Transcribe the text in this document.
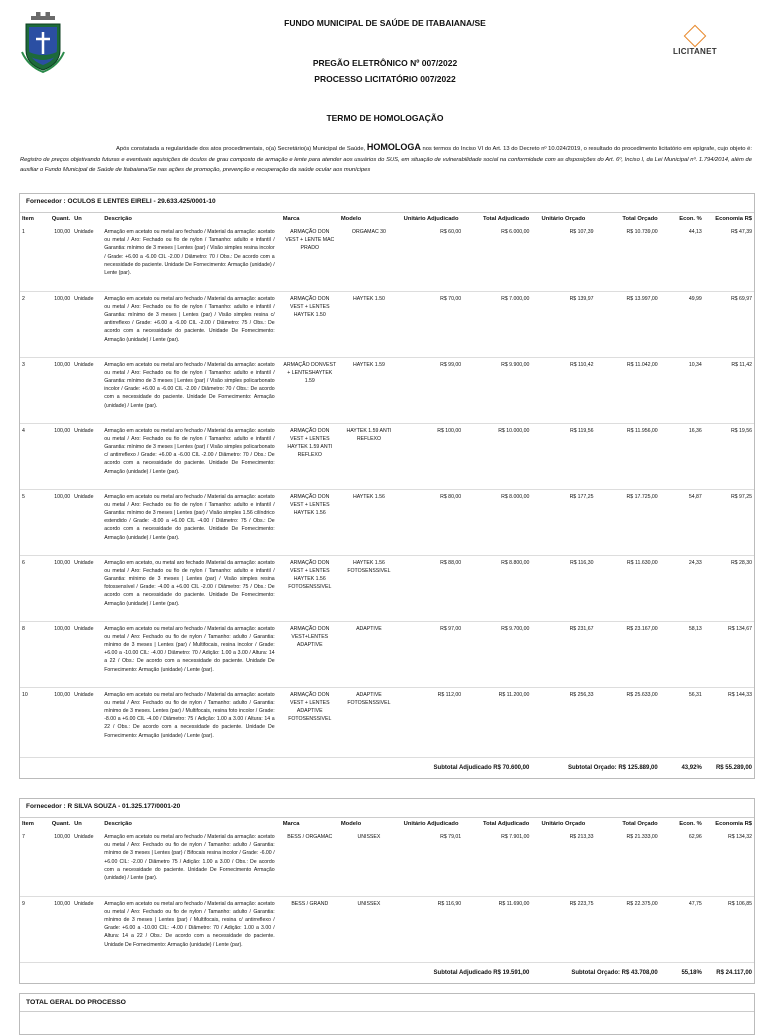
LICITANET

FUNDO MUNICIPAL DE SAÚDE DE ITABAIANA/SE
PREGÃO ELETRÔNICO Nº 007/2022
PROCESSO LICITATÓRIO 007/2022
TERMO DE HOMOLOGAÇÃO
Após constatada a regularidade dos atos procedimentais, o(a) Secretário(a) Municipal de Saúde, HOMOLOGA nos termos do Inciso VI do Art. 13 do Decreto nº 10.024/2019, o resultado do procedimento licitatório em epígrafe, cujo objeto é: Registro de preços objetivando futuras e eventuais aquisições de óculos de grau composto de armação e lente para atender aos usuários do SUS, em situação de vulnerabilidade social na conformidade com as disposições do Art. 6º, Inciso I, da Lei Municipal nº. 1.794/2014, além de auxiliar o Fundo Municipal de Saúde de Itabaiana/Se nas ações de promoção, prevenção e recuperação da saúde ocular aos munícipes
Fornecedor : OCULOS E LENTES EIRELI - 29.633.425/0001-10
Item	Quant.	Un	Descrição	Marca	Modelo	Unitário Adjudicado	Total Adjudicado	Unitário Orçado	Total Orçado	Econ. %	Economia R$
1	100,00	Unidade	Armação em acetato ou metal aro fechado / Material da armação: acetato ou metal / Aro: Fechado ou fio de nylon / Tamanho: adulto e infantil / Garantia: mínimo de 3 meses | Lentes (par) / Visão simples resina incolor / Grade: +6.00 a -6.00 CIL -2.00 / Diâmetro: 70 / Obs.: De acordo com a necessidade do paciente. Unidade De Fornecimento: Armação (unidade) / Lente (par).	ARMAÇÃO DON VEST + LENTE MAC PRADO	ORGAMAC 30	R$ 60,00	R$ 6.000,00	R$ 107,39	R$ 10.739,00	44,13	R$ 47,39
2	100,00	Unidade	Armação em acetato ou metal aro fechado / Material da armação: acetato ou metal / Aro: Fechado ou fio de nylon / Tamanho: adulto e infantil / Garantia: mínimo de 3 meses | Lentes (par) / Visão simples resina c/ antirreflexo / Grade: +6.00 a -6.00 CIL -2.00 / Diâmetro: 75 / Obs.: De acordo com a necessidade do paciente. Unidade De Fornecimento: Armação (unidade) / Lente (par).	ARMAÇÃO DON VEST + LENTES HAYTEK 1.50	HAYTEK 1.50	R$ 70,00	R$ 7.000,00	R$ 139,97	R$ 13.997,00	49,99	R$ 69,97
3	100,00	Unidade	Armação em acetato ou metal aro fechado / Material da armação: acetato ou metal / Aro: Fechado ou fio de nylon / Tamanho: adulto e infantil / Garantia: mínimo de 3 meses | Lentes (par) / Visão simples policarbonato incolor / Grade: +6.00 a -6.00 CIL -2.00 / Diâmetro: 70 / Obs.: De acordo com a necessidade do paciente. Unidade De Fornecimento: Armação (unidade) / Lente (par).	ARMAÇÃO DONVEST + LENTESHAYTEK 1.59	HAYTEK 1.59	R$ 99,00	R$ 9.900,00	R$ 110,42	R$ 11.042,00	10,34	R$ 11,42
4	100,00	Unidade	Armação em acetato ou metal aro fechado / Material da armação: acetato ou metal / Aro: Fechado ou fio de nylon / Tamanho: adulto e infantil / Garantia: mínimo de 3 meses | Lentes (par) / Visão simples policarbonato c/ antirreflexo / Grade: +6.00 a -6.00 CIL -2.00 / Diâmetro: 70 / Obs.: De acordo com a necessidade do paciente. Unidade De Fornecimento: Armação (unidade) / Lente (par).	ARMAÇÃO DON VEST + LENTES HAYTEK 1.59 ANTI REFLEXO	HAYTEK 1.59 ANTI REFLEXO	R$ 100,00	R$ 10.000,00	R$ 119,56	R$ 11.956,00	16,36	R$ 19,56
5	100,00	Unidade	Armação em acetato ou metal aro fechado / Material da armação: acetato ou metal / Aro: Fechado ou fio de nylon / Tamanho: adulto e infantil / Garantia: mínimo de 3 meses | Lentes (par) / Visão simples 1.56 cilíndrico estendido / Grade: -8.00 a +6.00 CIL -4.00 / Diâmetro: 75 / Obs.: De acordo com a necessidade do paciente. Unidade De Fornecimento: Armação (unidade) / Lente (par).	ARMAÇÃO DON VEST + LENTES HAYTEK 1.56	HAYTEK 1.56	R$ 80,00	R$ 8.000,00	R$ 177,25	R$ 17.725,00	54,87	R$ 97,25
6	100,00	Unidade	Armação em acetato, ou metal aro fechado /Material da armação: acetato ou metal / Aro: Fechado ou fio de nylon / Tamanho: adulto e infantil / Garantia: mínimo de 3 meses | Lentes (par) / Visão simples resina fotossensível / Grade: -4.00 a +6.00 CIL -2.00 / Diâmetro: 75 / Obs.: De acordo com a necessidade do paciente. Unidade De Fornecimento: Armação (unidade) / Lente (par).	ARMAÇÃO DON VEST + LENTES HAYTEK 1.56 FOTOSENSSIVEL	HAYTEK 1.56 FOTOSENSSIVEL	R$ 88,00	R$ 8.800,00	R$ 116,30	R$ 11.630,00	24,33	R$ 28,30
8	100,00	Unidade	Armação em acetato ou metal aro fechado / Material da armação: acetato ou metal / Aro: Fechado ou fio de nylon / Tamanho: adulto / Garantia: mínimo de 3 meses | Lentes (par) / Multifocais, resina incolor / Grade: +6.00 a -10.00 CIL: -4.00 / Diâmetro: 70 / Adição: 1.00 a 3.00 / Altura: 14 a 22 / Obs.: De acordo com a necessidade do paciente. Unidade De Fornecimento: Armação (unidade) / Lente (par).	ARMAÇÃO DON VEST+LENTES ADAPTIVE	ADAPTIVE	R$ 97,00	R$ 9.700,00	R$ 231,67	R$ 23.167,00	58,13	R$ 134,67
10	100,00	Unidade	Armação em acetato ou metal aro fechado / Material da armação: acetato ou metal / Aro: Fechado ou fio de nylon / Tamanho: adulto / Garantia: mínimo de 3 meses. Lentes (par) / Multifocais, resina foto incolor / Grade: -8.00 a +6.00 CIL -4.00 / Diâmetro: 75 / Adição: 1.00 a 3.00 / Altura: 14 a 22 / Obs.: De acordo com a necessidade do paciente. Unidade De Fornecimento: Armação (unidade) / Lente (par).	ARMAÇÃO DON VEST + LENTES ADAPTIVE FOTOSENSSIVEL	ADAPTIVE FOTOSENSSIVEL	R$ 112,00	R$ 11.200,00	R$ 256,33	R$ 25.633,00	56,31	R$ 144,33
Subtotal Adjudicado R$ 70.600,00								Subtotal Orçado: R$ 125.889,00		43,92%	R$ 55.289,00
Fornecedor : R SILVA SOUZA - 01.325.177/0001-20
Item	Quant.	Un	Descrição	Marca	Modelo	Unitário Adjudicado	Total Adjudicado	Unitário Orçado	Total Orçado	Econ. %	Economia R$
7	100,00	Unidade	Armação em acetato ou metal aro fechado / Material da armação: acetato ou metal / Aro: Fechado ou fio de nylon / Tamanho: adulto / Garantia: mínimo de 3 meses | Lentes (par) / Bifocais resina incolor / Grade: -6.00 / +6.00 CIL: -2.00 / Diâmetro 75 / Adição: 1.00 a 3.00 / Obs.: De acordo com a necessidade do paciente. Unidade De Fornecimento Armação (unidade) / Lente (par).	BESS / ORGAMAC	UNISSEX	R$ 79,01	R$ 7.901,00	R$ 213,33	R$ 21.333,00	62,96	R$ 134,32
9	100,00	Unidade	Armação em acetato ou metal aro fechado / Material da armação: acetato ou metal / Aro: Fechado ou fio de nylon / Tamanho: adulto / Garantia: mínimo de 3 meses | Lentes (par) / Multifocais, resina c/ antirreflexo / Grade: +6.00 a -10.00 CIL: -4.00 / Diâmetro: 70 / Adição: 1.00 a 3.00 / Altura: 14 a 22 / Obs.: De acordo com a necessidade do paciente. Unidade De Fornecimento: Armação (unidade) / Lente (par).	BESS / GRAND	UNISSEX	R$ 116,90	R$ 11.690,00	R$ 223,75	R$ 22.375,00	47,75	R$ 106,85
Subtotal Adjudicado R$ 19.591,00								Subtotal Orçado: R$ 43.708,00		55,18%	R$ 24.117,00
TOTAL GERAL DO PROCESSO
